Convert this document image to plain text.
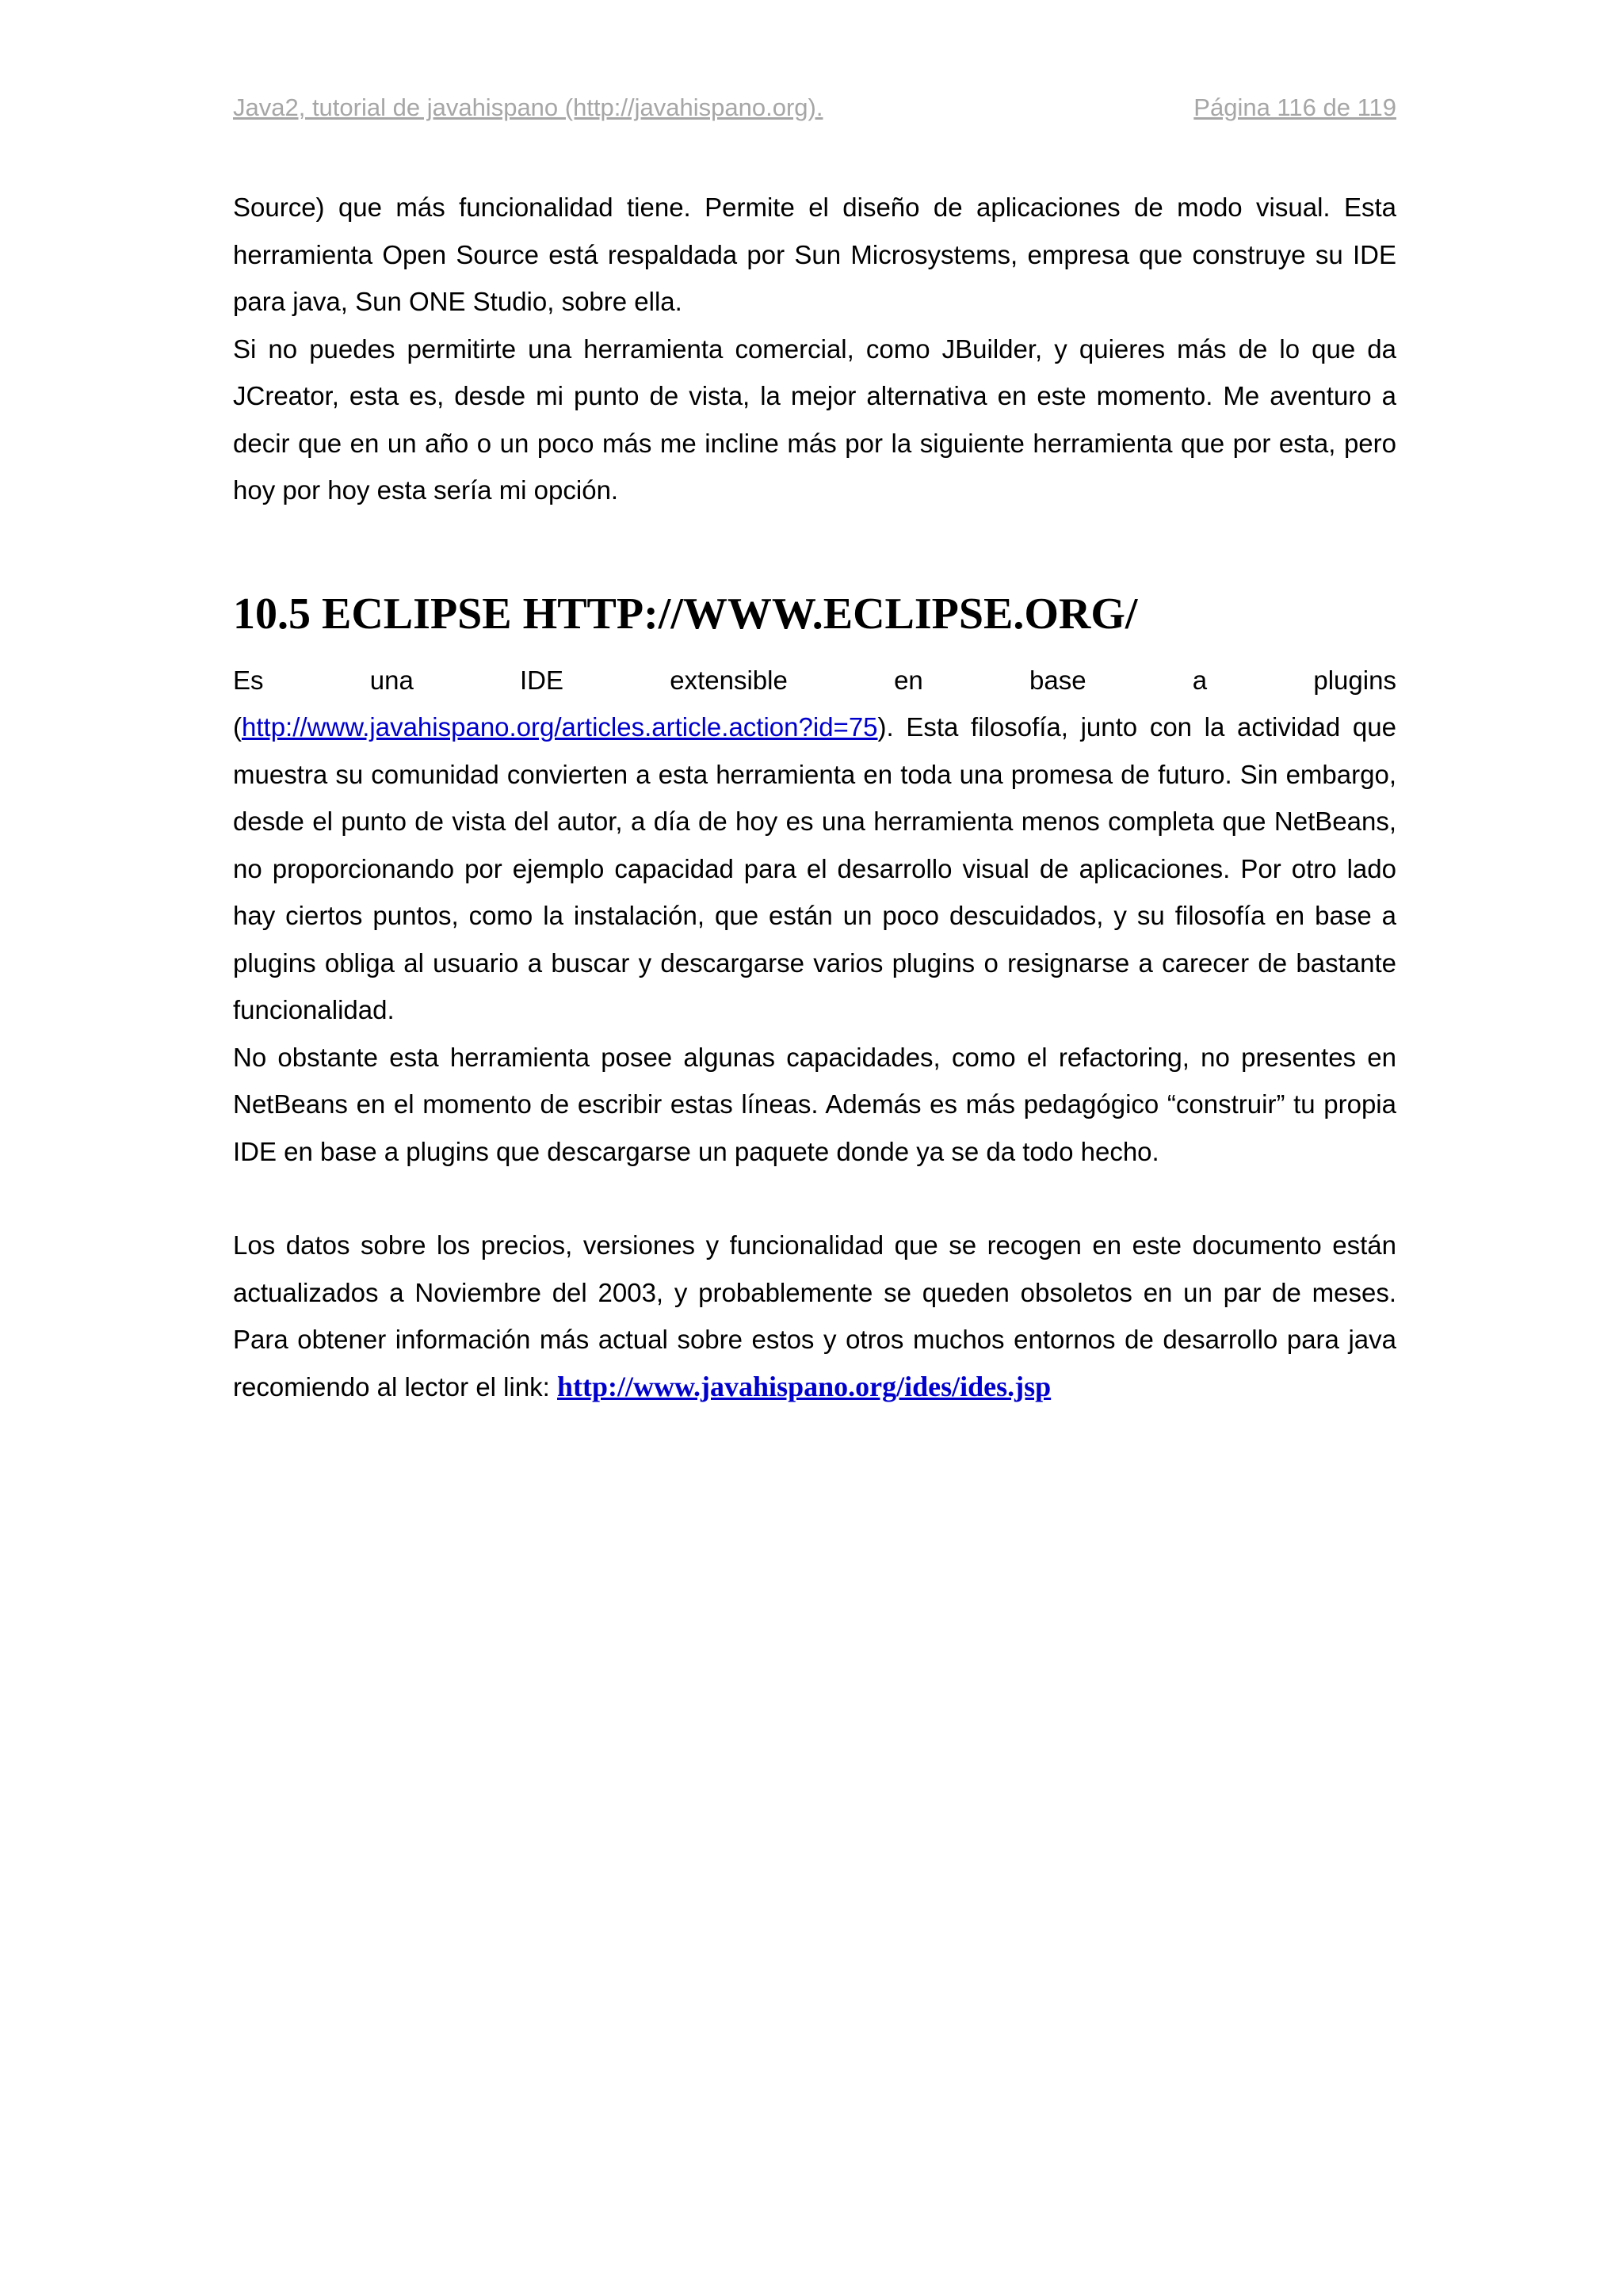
Java2, tutorial de javahispano (http://javahispano.org).	Página 116 de 119

Source) que más funcionalidad tiene. Permite el diseño de aplicaciones de modo visual. Esta herramienta Open Source está respaldada por Sun Microsystems, empresa que construye su IDE para java, Sun ONE Studio, sobre ella.

Si no puedes permitirte una herramienta comercial, como JBuilder, y quieres más de lo que da JCreator, esta es, desde mi punto de vista, la mejor alternativa en este momento. Me aventuro a decir que en un año o un poco más me incline más por la siguiente herramienta que por esta, pero hoy por hoy esta sería mi opción.

10.5 ECLIPSE HTTP://WWW.ECLIPSE.ORG/
Es	una	IDE	extensible	en	base	a	plugins

(http://www.javahispano.org/articles.article.action?id=75). Esta filosofía, junto con la actividad que muestra su comunidad convierten a esta herramienta en toda una promesa de futuro. Sin embargo, desde el punto de vista del autor, a día de hoy es una herramienta menos completa que NetBeans, no proporcionando por ejemplo capacidad para el desarrollo visual de aplicaciones. Por otro lado hay ciertos puntos, como la instalación, que están un poco descuidados, y su filosofía en base a plugins obliga al usuario a buscar y descargarse varios plugins o resignarse a carecer de bastante funcionalidad.

No obstante esta herramienta posee algunas capacidades, como el refactoring, no presentes en NetBeans en el momento de escribir estas líneas. Además es más pedagógico “construir” tu propia IDE en base a plugins que descargarse un paquete donde ya se da todo hecho.

Los datos sobre los precios, versiones y funcionalidad que se recogen en este documento están actualizados a Noviembre del 2003, y probablemente se queden obsoletos en un par de meses. Para obtener información más actual sobre estos y otros muchos entornos de desarrollo para java recomiendo al lector el link: http://www.javahispano.org/ides/ides.jsp
